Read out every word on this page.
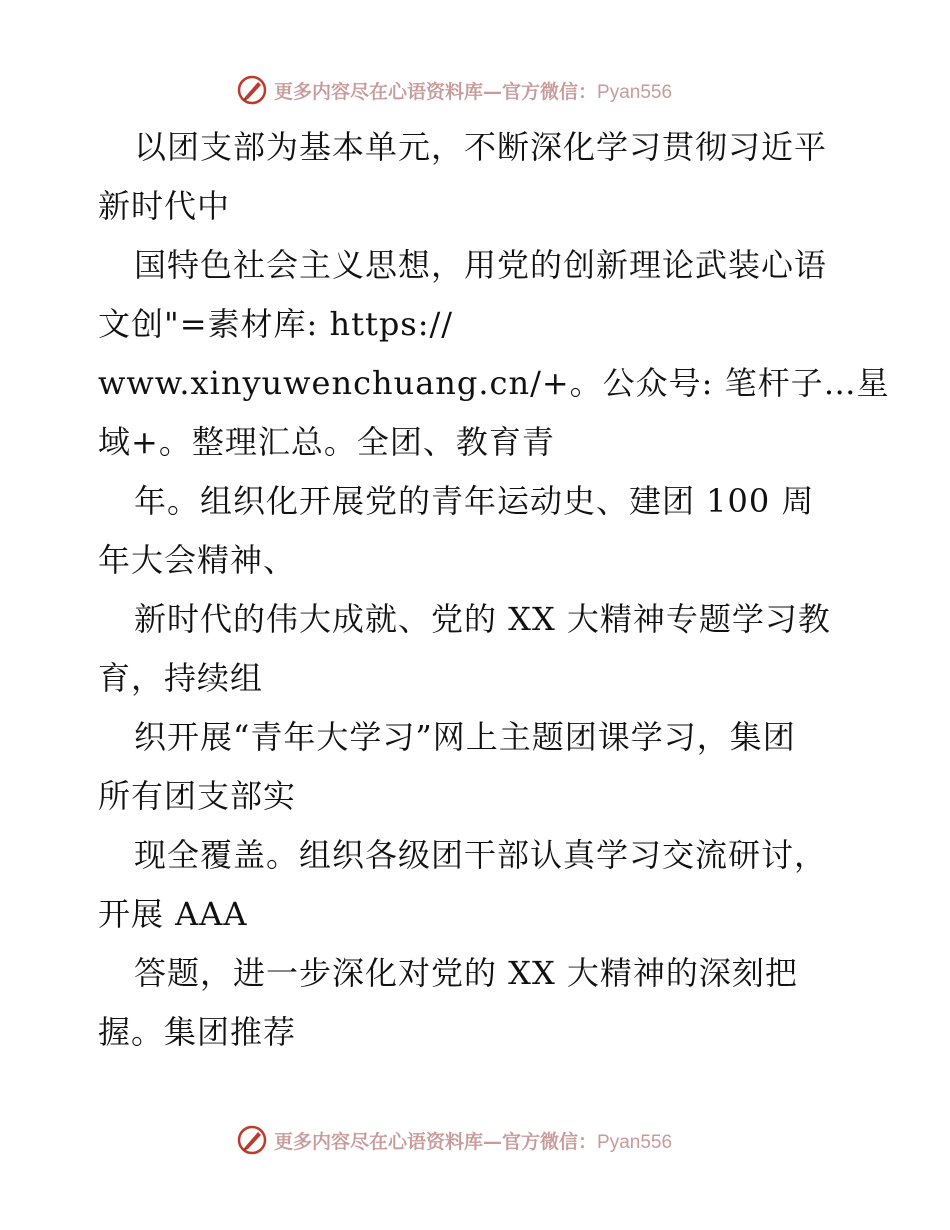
更多内容尽在心语资料库—官方微信：Pyan556
以团支部为基本单元，不断深化学习贯彻习近平
新时代中
国特色社会主义思想，用党的创新理论武装心语
文创"=素材库: https://
www.xinyuwenchuang.cn/+。公众号: 笔杆子…星
域+。整理汇总。全团、教育青
年。组织化开展党的青年运动史、建团 100 周
年大会精神、
新时代的伟大成就、党的 XX 大精神专题学习教
育，持续组
织开展“青年大学习”网上主题团课学习，集团
所有团支部实
现全覆盖。组织各级团干部认真学习交流研讨，
开展 AAA
答题，进一步深化对党的 XX 大精神的深刻把
握。集团推荐
更多内容尽在心语资料库—官方微信：Pyan556
